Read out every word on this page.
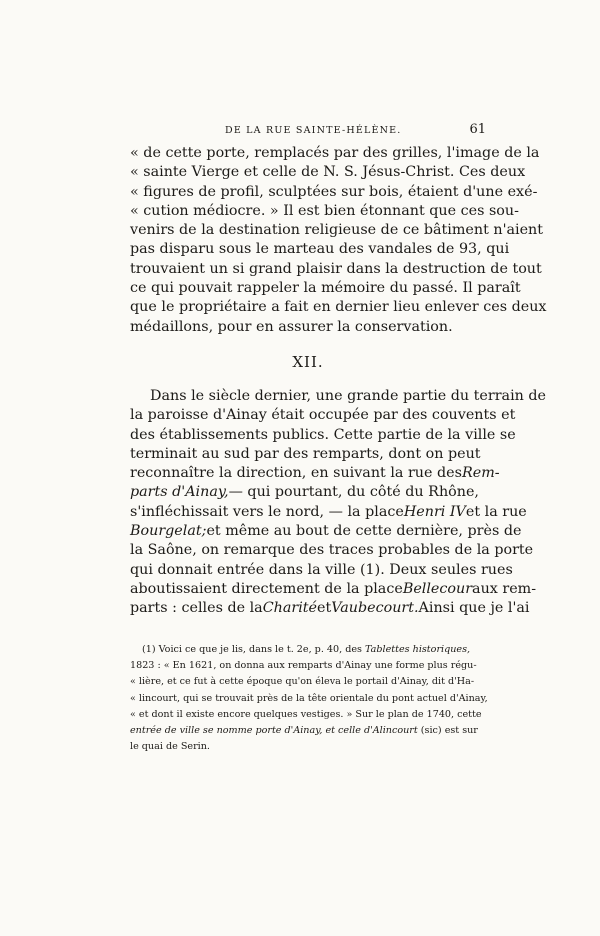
DE LA RUE SAINTE-HÉLÈNE.	61
« de cette porte, remplacés par des grilles, l'image de la
« sainte Vierge et celle de N. S. Jésus-Christ. Ces deux
« figures de profil, sculptées sur bois, étaient d'une exé-
« cution médiocre. » Il est bien étonnant que ces sou-
venirs de la destination religieuse de ce bâtiment n'aient
pas disparu sous le marteau des vandales de 93, qui
trouvaient un si grand plaisir dans la destruction de tout
ce qui pouvait rappeler la mémoire du passé. Il paraît
que le propriétaire a fait en dernier lieu enlever ces deux
médaillons, pour en assurer la conservation.
XII.
Dans le siècle dernier, une grande partie du terrain de
la paroisse d'Ainay était occupée par des couvents et
des établissements publics. Cette partie de la ville se
terminait au sud par des remparts, dont on peut
reconnaître la direction, en suivant la rue desRem-
parts d'Ainay,— qui pourtant, du côté du Rhône,
s'infléchissait vers le nord, — la placeHenri IVet la rue
Bourgelat;et même au bout de cette dernière, près de
la Saône, on remarque des traces probables de la porte
qui donnait entrée dans la ville (1). Deux seules rues
aboutissaient directement de la placeBellecouraux rem-
parts : celles de laCharitéetVaubecourt.Ainsi que je l'ai
(1) Voici ce que je lis, dans le t. 2e, p. 40, des Tablettes historiques,
1823 : « En 1621, on donna aux remparts d'Ainay une forme plus régu-
« lière, et ce fut à cette époque qu'on éleva le portail d'Ainay, dit d'Ha-
« lincourt, qui se trouvait près de la tête orientale du pont actuel d'Ainay,
« et dont il existe encore quelques vestiges. » Sur le plan de 1740, cette
entrée de ville se nomme porte d'Ainay, et celle d'Alincourt (sic) est sur
le quai de Serin.
